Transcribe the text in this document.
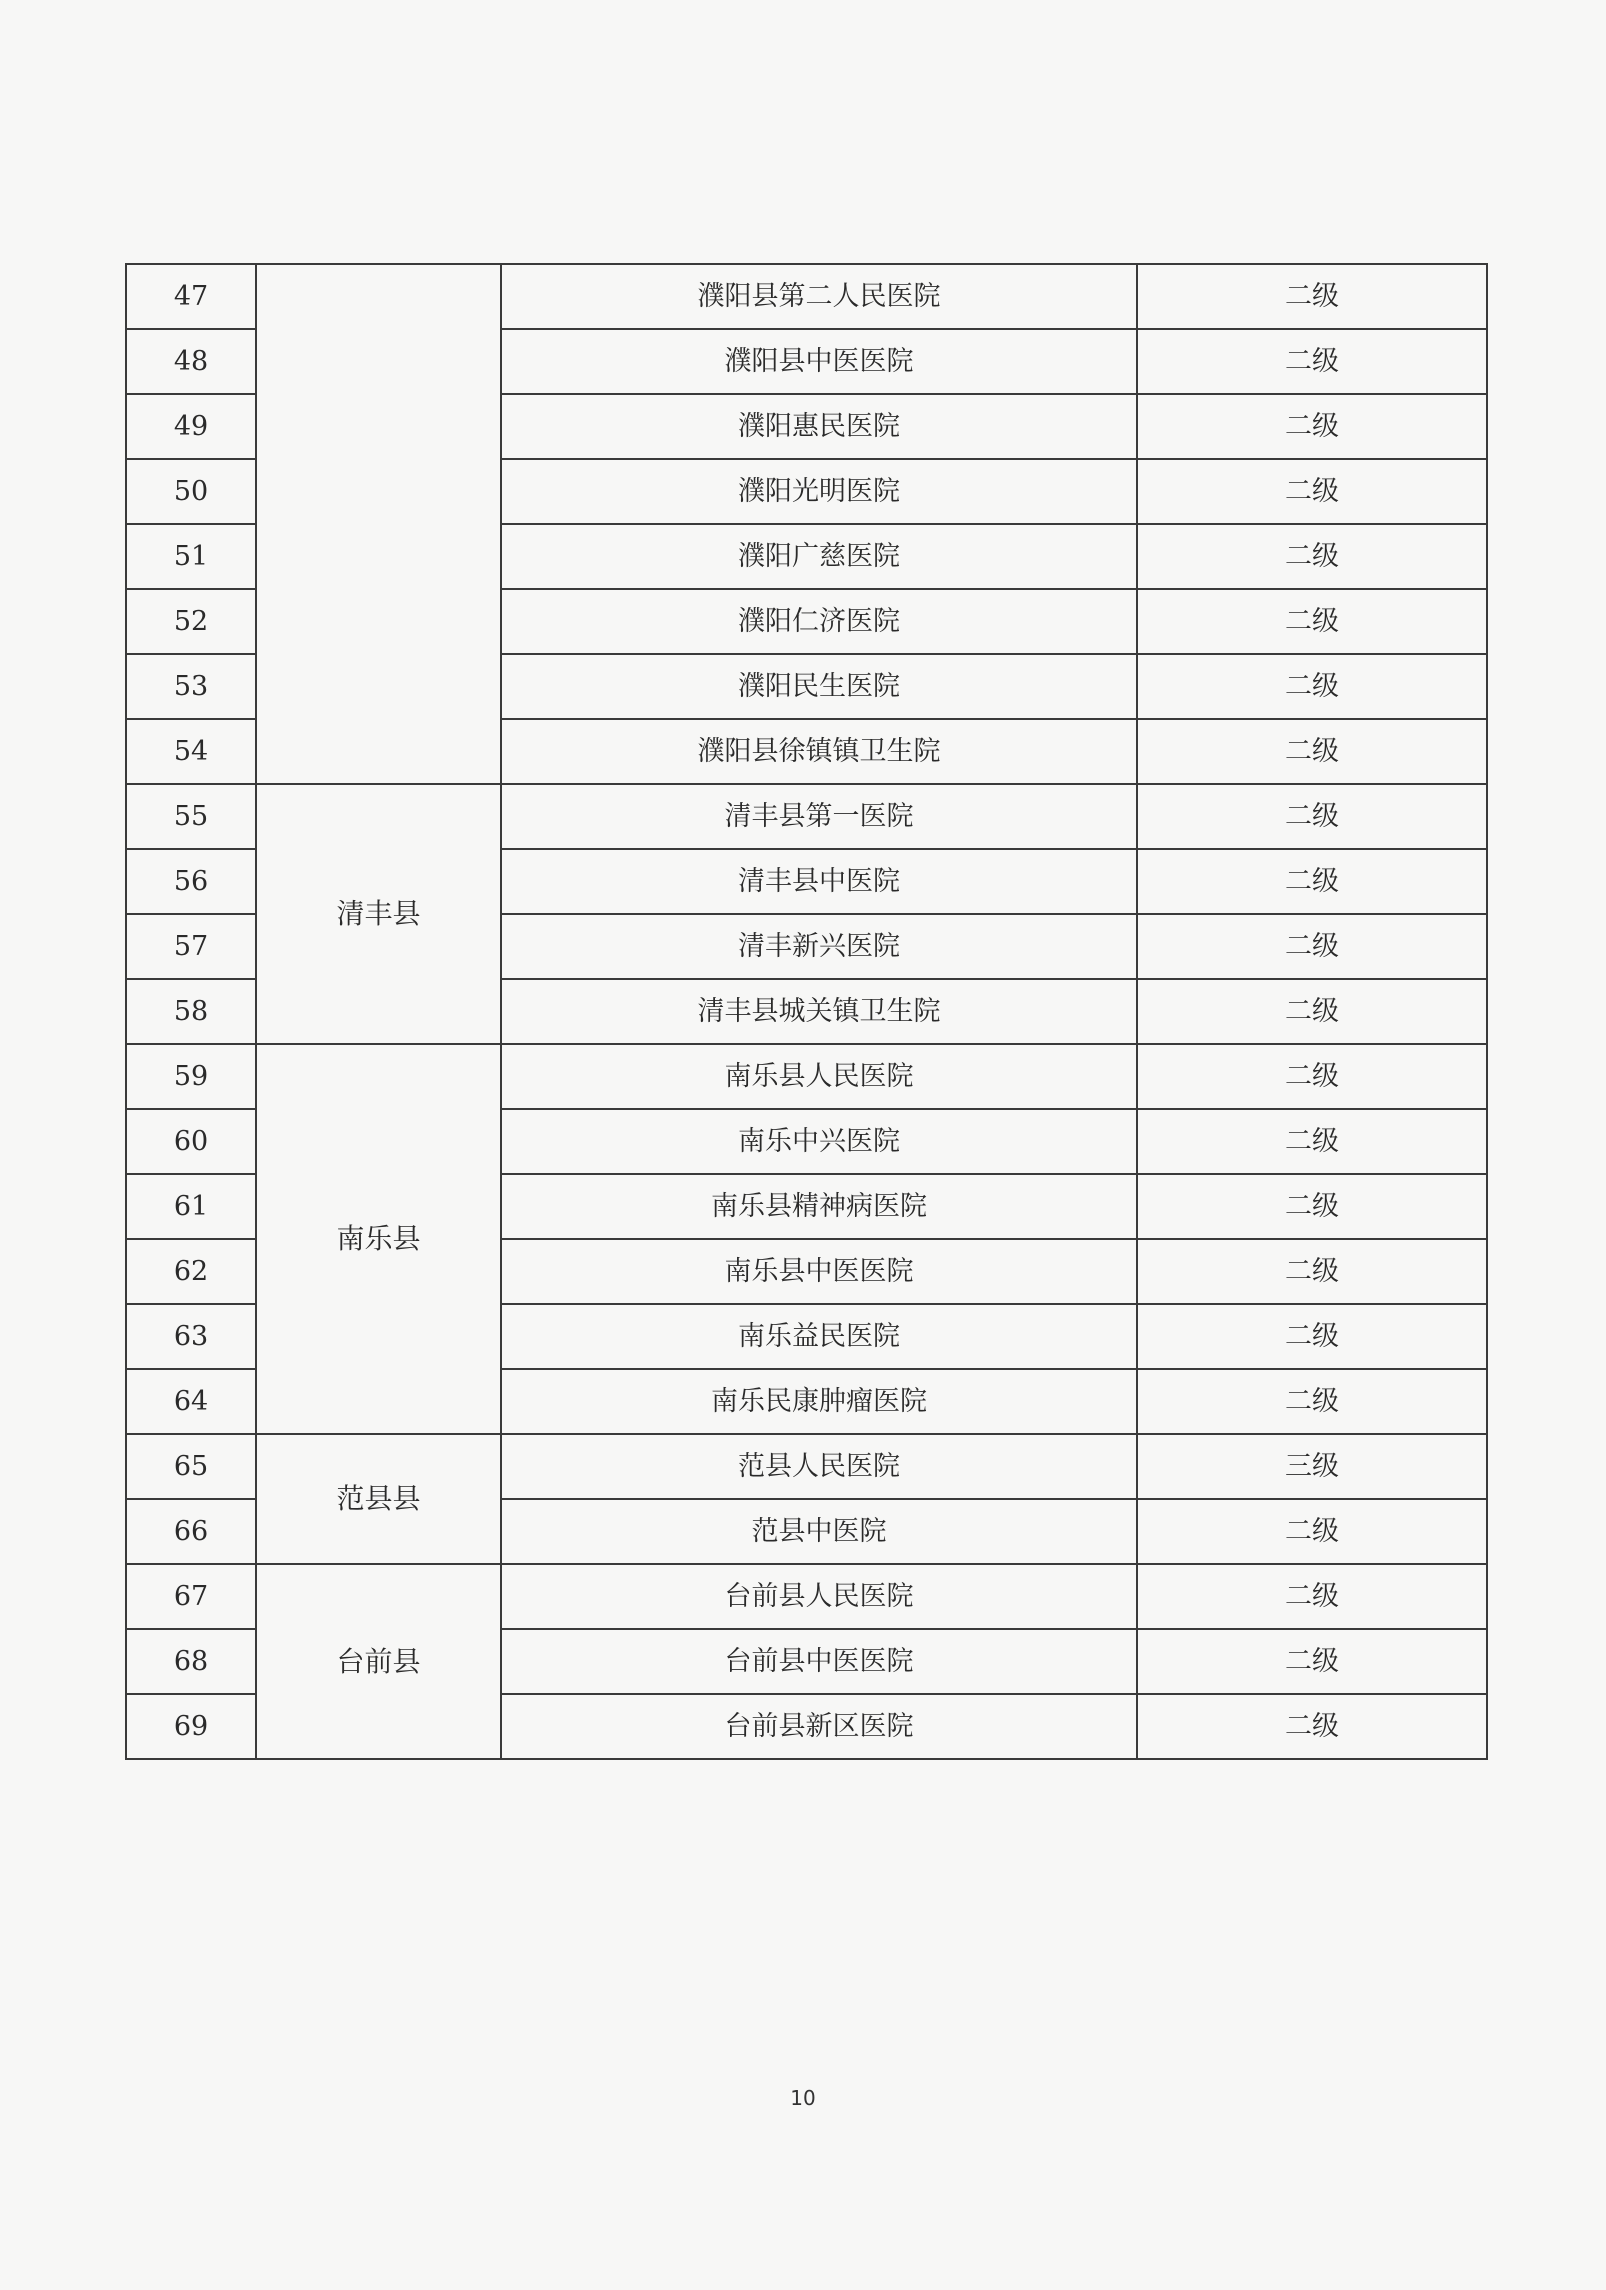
47		濮阳县第二人民医院	二级
48		濮阳县中医医院	二级
49		濮阳惠民医院	二级
50		濮阳光明医院	二级
51		濮阳广慈医院	二级
52		濮阳仁济医院	二级
53		濮阳民生医院	二级
54		濮阳县徐镇镇卫生院	二级
55	清丰县	清丰县第一医院	二级
56		清丰县中医院	二级
57		清丰新兴医院	二级
58		清丰县城关镇卫生院	二级
59	南乐县	南乐县人民医院	二级
60		南乐中兴医院	二级
61		南乐县精神病医院	二级
62		南乐县中医医院	二级
63		南乐益民医院	二级
64		南乐民康肿瘤医院	二级
65	范县县	范县人民医院	三级
66		范县中医院	二级
67	台前县	台前县人民医院	二级
68		台前县中医医院	二级
69		台前县新区医院	二级
10
